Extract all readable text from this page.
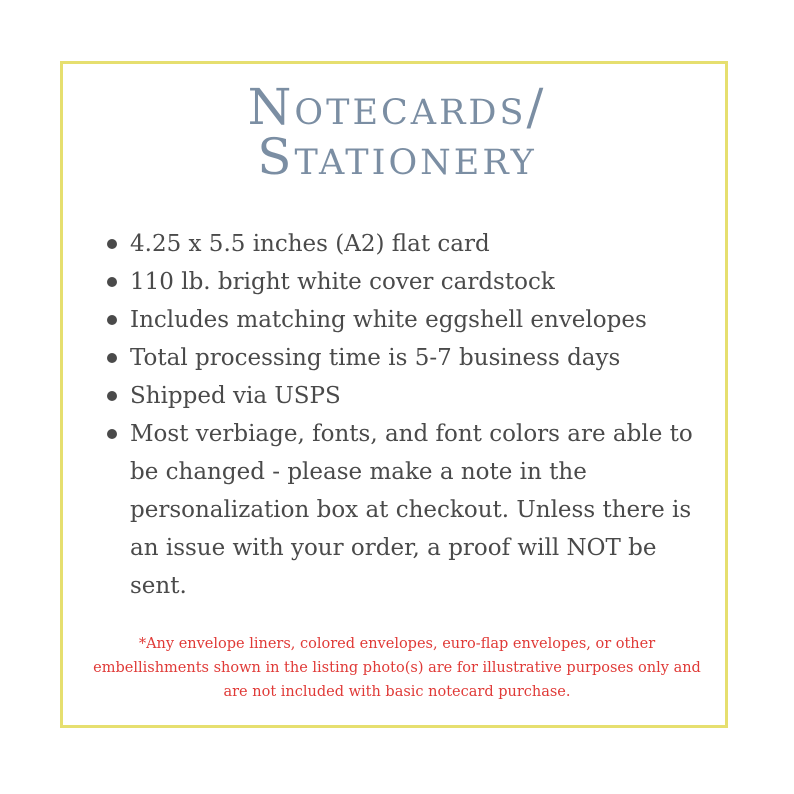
Notecards/
Stationery
4.25 x 5.5 inches (A2) flat card
110 lb. bright white cover cardstock
Includes matching white eggshell envelopes
Total processing time is 5-7 business days
Shipped via USPS
Most verbiage, fonts, and font colors are able to be changed - please make a note in the personalization box at checkout. Unless there is an issue with your order, a proof will NOT be sent.

*Any envelope liners, colored envelopes, euro-flap envelopes, or other embellishments shown in the listing photo(s) are for illustrative purposes only and are not included with basic notecard purchase.
